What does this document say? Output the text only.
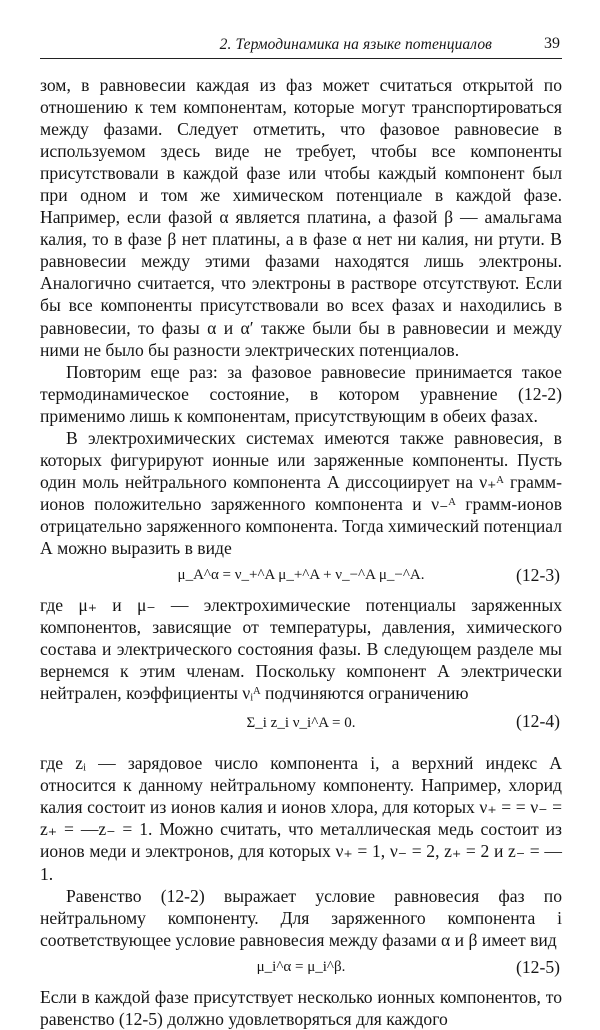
2. Термодинамика на языке потенциалов	39

зом, в равновесии каждая из фаз может считаться открытой по отношению к тем компонентам, которые могут транспортироваться между фазами. Следует отметить, что фазовое равновесие в используемом здесь виде не требует, чтобы все компоненты присутствовали в каждой фазе или чтобы каждый компонент был при одном и том же химическом потенциале в каждой фазе. Например, если фазой α является платина, а фазой β — амальгама калия, то в фазе β нет платины, а в фазе α нет ни калия, ни ртути. В равновесии между этими фазами находятся лишь электроны. Аналогично считается, что электроны в растворе отсутствуют. Если бы все компоненты присутствовали во всех фазах и находились в равновесии, то фазы α и α′ также были бы в равновесии и между ними не было бы разности электрических потенциалов.

Повторим еще раз: за фазовое равновесие принимается такое термодинамическое состояние, в котором уравнение (12-2) применимо лишь к компонентам, присутствующим в обеих фазах.

В электрохимических системах имеются также равновесия, в которых фигурируют ионные или заряженные компоненты. Пусть один моль нейтрального компонента А диссоциирует на ν₊ᴬ грамм-ионов положительно заряженного компонента и ν₋ᴬ грамм-ионов отрицательно заряженного компонента. Тогда химический потенциал А можно выразить в виде

μ_A^α = ν_+^A μ_+^A + ν_−^A μ_−^A.	(12-3)

где μ₊ и μ₋ — электрохимические потенциалы заряженных компонентов, зависящие от температуры, давления, химического состава и электрического состояния фазы. В следующем разделе мы вернемся к этим членам. Поскольку компонент А электрически нейтрален, коэффициенты νᵢᴬ подчиняются ограничению

Σ_i z_i ν_i^A = 0.	(12-4)

где zᵢ — зарядовое число компонента i, а верхний индекс А относится к данному нейтральному компоненту. Например, хлорид калия состоит из ионов калия и ионов хлора, для которых ν₊ = = ν₋ = z₊ = —z₋ = 1. Можно считать, что металлическая медь состоит из ионов меди и электронов, для которых ν₊ = 1, ν₋ = 2, z₊ = 2 и z₋ = —1.

Равенство (12-2) выражает условие равновесия фаз по нейтральному компоненту. Для заряженного компонента i соответствующее условие равновесия между фазами α и β имеет вид

μ_i^α = μ_i^β.	(12-5)

Если в каждой фазе присутствует несколько ионных компонентов, то равенство (12-5) должно удовлетворяться для каждого
